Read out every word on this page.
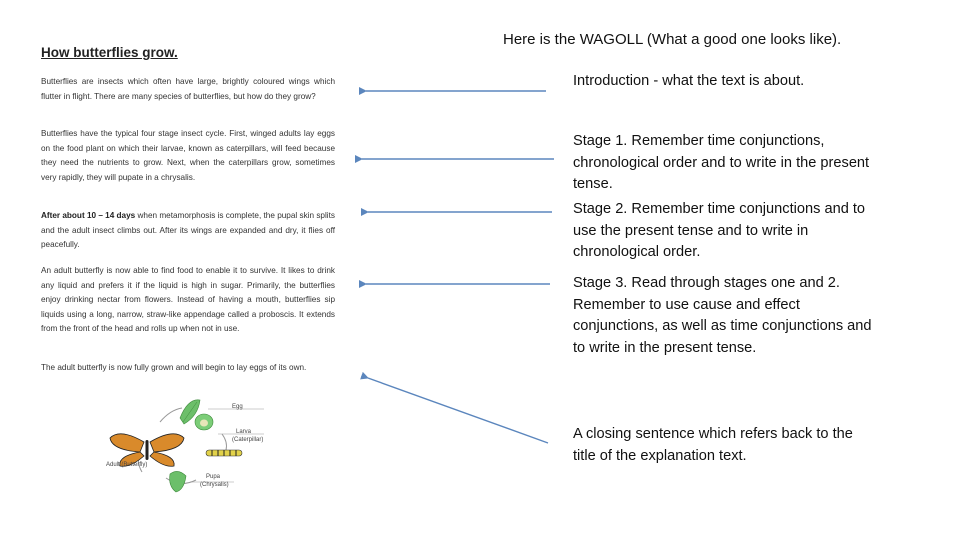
How butterflies grow.

Butterflies are insects which often have large, brightly coloured wings which flutter in flight. There are many species of butterflies, but how do they grow?

Butterflies have the typical four stage insect cycle. First, winged adults lay eggs on the food plant on which their larvae, known as caterpillars, will feed because they need the nutrients to grow. Next, when the caterpillars grow, sometimes very rapidly, they will pupate in a chrysalis.

After about 10 – 14 days when metamorphosis is complete, the pupal skin splits and the adult insect climbs out. After its wings are expanded and dry, it flies off peacefully.

An adult butterfly is now able to find food to enable it to survive. It likes to drink any liquid and prefers it if the liquid is high in sugar. Primarily, the butterflies enjoy drinking nectar from flowers. Instead of having a mouth, butterflies sip liquids using a long, narrow, straw-like appendage called a proboscis. It extends from the front of the head and rolls up when not in use.

The adult butterfly is now fully grown and will begin to lay eggs of its own.

Egg
Larva
(Caterpillar)
Pupa
(Chrysalis)
Adult (Butterfly)
Here is the WAGOLL (What a good one looks like).

Introduction - what the text is about.

Stage 1. Remember time conjunctions, chronological order and to write in the present tense.

Stage 2. Remember time conjunctions and to use the present tense and to write in chronological order.

Stage 3. Read through stages one and 2. Remember to use cause and effect conjunctions, as well as time conjunctions and to write in the present tense.

A closing sentence which refers back to the title of the explanation text.
